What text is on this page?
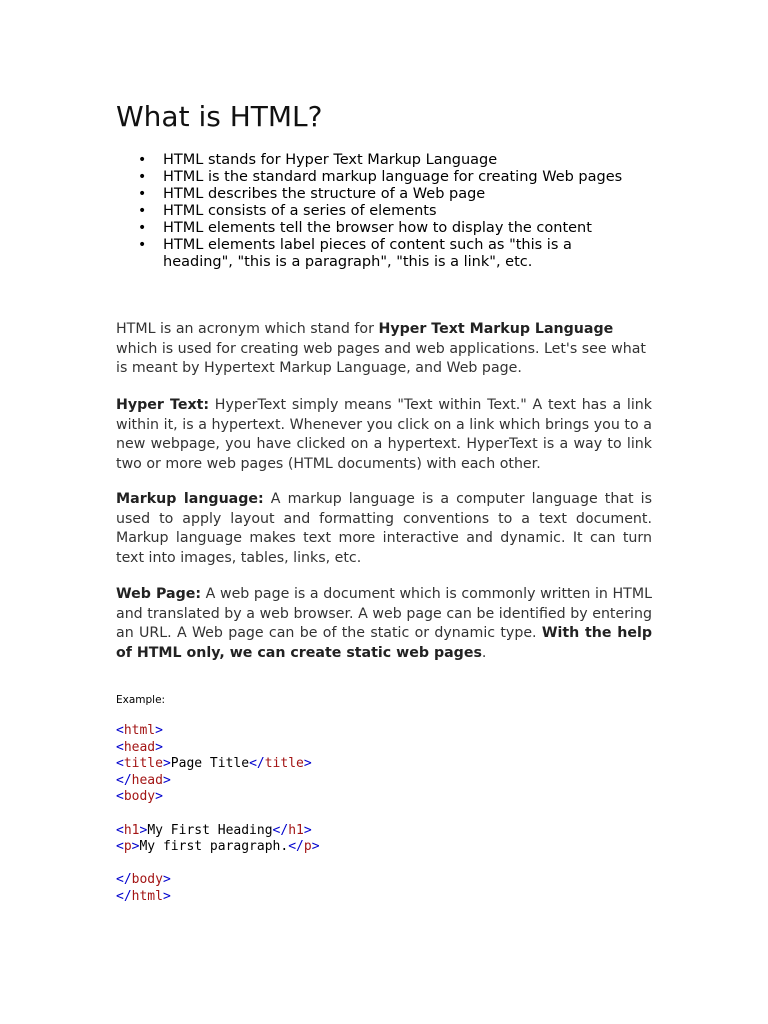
What is HTML?
• HTML stands for Hyper Text Markup Language
• HTML is the standard markup language for creating Web pages
• HTML describes the structure of a Web page
• HTML consists of a series of elements
• HTML elements tell the browser how to display the content
• HTML elements label pieces of content such as "this is a heading", "this is a paragraph", "this is a link", etc.

HTML is an acronym which stand for Hyper Text Markup Language which is used for creating web pages and web applications. Let's see what is meant by Hypertext Markup Language, and Web page.

Hyper Text: HyperText simply means "Text within Text." A text has a link within it, is a hypertext. Whenever you click on a link which brings you to a new webpage, you have clicked on a hypertext. HyperText is a way to link two or more web pages (HTML documents) with each other.

Markup language: A markup language is a computer language that is used to apply layout and formatting conventions to a text document. Markup language makes text more interactive and dynamic. It can turn text into images, tables, links, etc.

Web Page: A web page is a document which is commonly written in HTML and translated by a web browser. A web page can be identified by entering an URL. A Web page can be of the static or dynamic type. With the help of HTML only, we can create static web pages.

Example:
<html>
<head>
<title>Page Title</title>
</head>
<body>

<h1>My First Heading</h1>
<p>My first paragraph.</p>

</body>
</html>
